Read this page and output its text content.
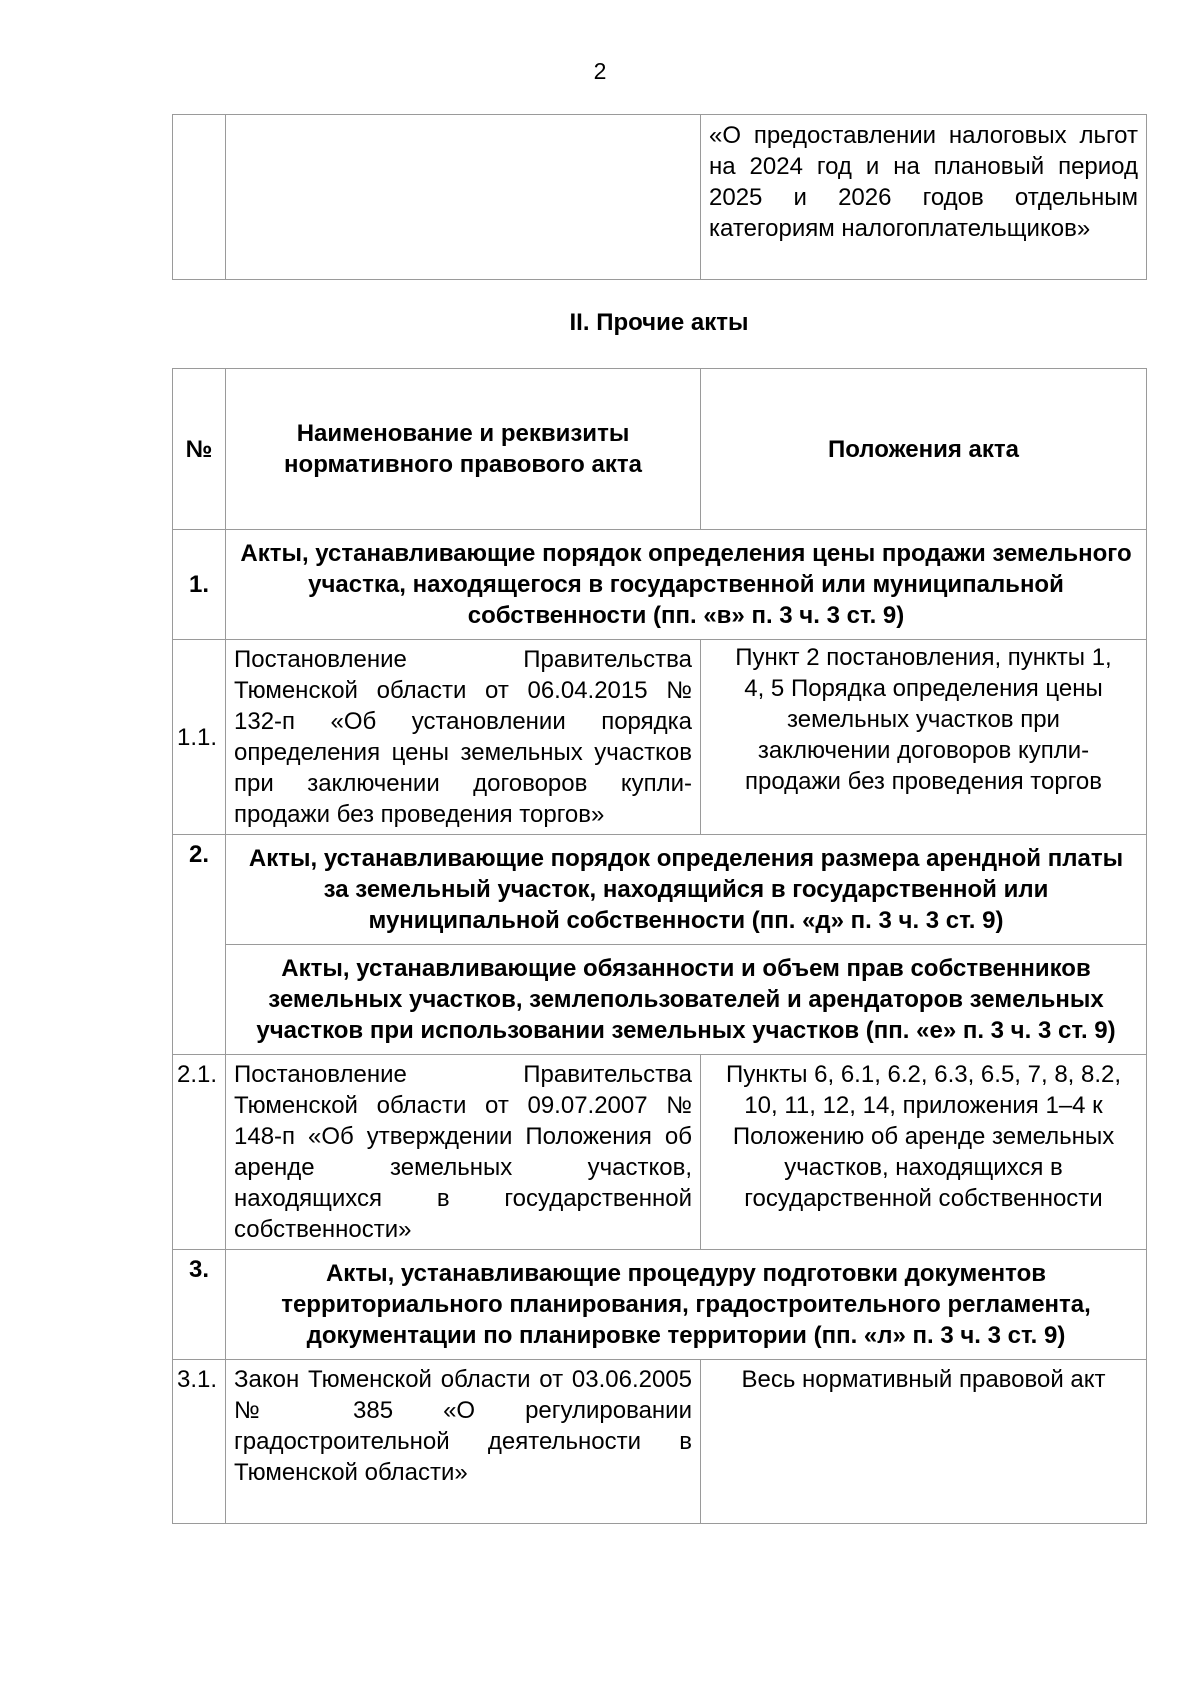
2
		«О предоставлении налоговых льгот на 2024 год и на плановый период 2025 и 2026 годов отдельным категориям налогоплательщиков»
II. Прочие акты
№	Наименование и реквизиты нормативного правового акта	Положения акта
1.	Акты, устанавливающие порядок определения цены продажи земельного участка, находящегося в государственной или муниципальной собственности (пп. «в» п. 3 ч. 3 ст. 9)	
1.1.	Постановление Правительства Тюменской области от 06.04.2015 № 132-п «Об установлении порядка определения цены земельных участков при заключении договоров купли-продажи без проведения торгов»	Пункт 2 постановления, пункты 1, 4, 5 Порядка определения цены земельных участков при заключении договоров купли-продажи без проведения торгов
2.	Акты, устанавливающие порядок определения размера арендной платы за земельный участок, находящийся в государственной или муниципальной собственности (пп. «д» п. 3 ч. 3 ст. 9)	
	Акты, устанавливающие обязанности и объем прав собственников земельных участков, землепользователей и арендаторов земельных участков при использовании земельных участков (пп. «е» п. 3 ч. 3 ст. 9)	
2.1.	Постановление Правительства Тюменской области от 09.07.2007 № 148-п «Об утверждении Положения об аренде земельных участков, находящихся в государственной собственности»	Пункты 6, 6.1, 6.2, 6.3, 6.5, 7, 8, 8.2, 10, 11, 12, 14, приложения 1–4 к Положению об аренде земельных участков, находящихся в государственной собственности
3.	Акты, устанавливающие процедуру подготовки документов территориального планирования, градостроительного регламента, документации по планировке территории (пп. «л» п. 3 ч. 3 ст. 9)	
3.1.	Закон Тюменской области от 03.06.2005 № 385 «О регулировании градостроительной деятельности в Тюменской области»	Весь нормативный правовой акт
